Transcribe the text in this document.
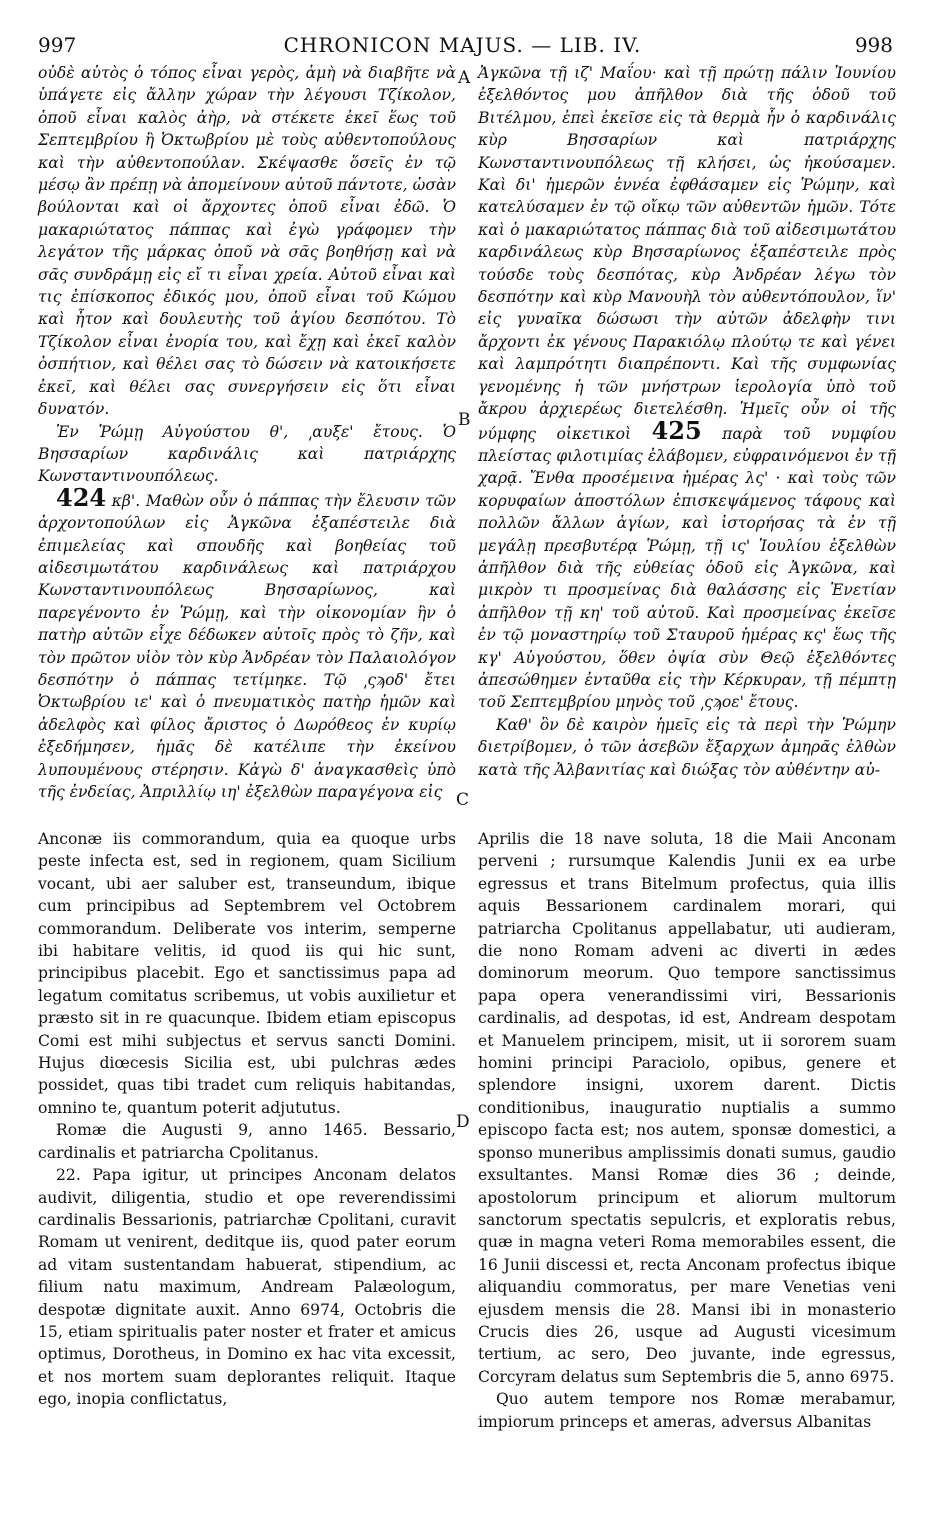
997	CHRONICON MAJUS. — LIB. IV.	998

οὐδὲ αὐτὸς ὁ τόπος εἶναι γερὸς, ἀμὴ νὰ διαβῆτε νὰ ὑπάγετε εἰς ἄλλην χώραν τὴν λέγουσι Τζίκολον, ὁποῦ εἶναι καλὸς ἀὴρ, νὰ στέκετε ἐκεῖ ἕως τοῦ Σεπτεμβρίου ἢ Ὀκτωβρίου μὲ τοὺς αὐθεντοπούλους καὶ τὴν αὐθεντοπούλαν. Σκέψασθε ὅσεῖς ἐν τῷ μέσῳ ἂν πρέπῃ νὰ ἀπομείνουν αὐτοῦ πάντοτε, ὡσὰν βούλονται καὶ οἱ ἄρχοντες ὁποῦ εἶναι ἐδῶ. Ὁ μακαριώτατος πάππας καὶ ἐγὼ γράφομεν τὴν λεγάτον τῆς μάρκας ὁποῦ νὰ σᾶς βοηθήσῃ καὶ νὰ σᾶς συνδράμῃ εἰς εἴ τι εἶναι χρεία. Αὐτοῦ εἶναι καὶ τις ἐπίσκοπος ἐδικός μου, ὁποῦ εἶναι τοῦ Κώμου καὶ ἦτον καὶ δουλευτὴς τοῦ ἁγίου δεσπότου. Τὸ Τζίκολον εἶναι ἐνορία του, καὶ ἔχῃ καὶ ἐκεῖ καλὸν ὁσπήτιον, καὶ θέλει σας τὸ δώσειν νὰ κατοικήσετε ἐκεῖ, καὶ θέλει σας συνεργήσειν εἰς ὅτι εἶναι δυνατόν.

Ἐν Ῥώμῃ Αὐγούστου θ', ͵αυξε' ἔτους. Ὁ Βησσαρίων καρδινάλις καὶ πατριάρχης Κωνσταντινουπόλεως.

424 κβ'. Μαθὼν οὖν ὁ πάππας τὴν ἔλευσιν τῶν ἀρχοντοπούλων εἰς Ἀγκῶνα ἐξαπέστειλε διὰ ἐπιμελείας καὶ σπουδῆς καὶ βοηθείας τοῦ αἰδεσιμωτάτου καρδινάλεως καὶ πατριάρχου Κωνσταντινουπόλεως Βησσαρίωνος, καὶ παρεγένοντο ἐν Ῥώμῃ, καὶ τὴν οἰκονομίαν ἣν ὁ πατὴρ αὐτῶν εἶχε δέδωκεν αὐτοῖς πρὸς τὸ ζῆν, καὶ τὸν πρῶτον υἱὸν τὸν κὺρ Ἀνδρέαν τὸν Παλαιολόγον δεσπότην ὁ πάππας τετίμηκε. Τῷ ͵ςϡοδ' ἔτει Ὀκτωβρίου ιε' καὶ ὁ πνευματικὸς πατὴρ ἡμῶν καὶ ἀδελφὸς καὶ φίλος ἄριστος ὁ Δωρόθεος ἐν κυρίῳ ἐξεδήμησεν, ἡμᾶς δὲ κατέλιπε τὴν ἐκείνου λυπουμένους στέρησιν. Κἀγὼ δ' ἀναγκασθεὶς ὑπὸ τῆς ἐνδείας, Ἀπριλλίῳ ιη' ἐξελθὼν παραγέγονα εἰς

Ἀγκῶνα τῇ ιζ' Μαΐου· καὶ τῇ πρώτῃ πάλιν Ἰουνίου ἐξελθόντος μου ἀπῆλθον διὰ τῆς ὁδοῦ τοῦ Βιτέλμου, ἐπεὶ ἐκεῖσε εἰς τὰ θερμὰ ἦν ὁ καρδινάλις κὺρ Βησσαρίων καὶ πατριάρχης Κωνσταντινουπόλεως τῇ κλήσει, ὡς ἠκούσαμεν. Καὶ δι' ἡμερῶν ἐννέα ἐφθάσαμεν εἰς Ῥώμην, καὶ κατελύσαμεν ἐν τῷ οἴκῳ τῶν αὐθεντῶν ἡμῶν. Τότε καὶ ὁ μακαριώτατος πάππας διὰ τοῦ αἰδεσιμωτάτου καρδινάλεως κὺρ Βησσαρίωνος ἐξαπέστειλε πρὸς τούσδε τοὺς δεσπότας, κὺρ Ἀνδρέαν λέγω τὸν δεσπότην καὶ κὺρ Μανουὴλ τὸν αὐθεντόπουλον, ἵν' εἰς γυναῖκα δώσωσι τὴν αὐτῶν ἀδελφὴν τινι ἄρχοντι ἐκ γένους Παρακιόλῳ πλούτῳ τε καὶ γένει καὶ λαμπρότητι διαπρέποντι. Καὶ τῆς συμφωνίας γενομένης ἡ τῶν μνήστρων ἱερολογία ὑπὸ τοῦ ἄκρου ἀρχιερέως διετελέσθη. Ἡμεῖς οὖν οἱ τῆς νύμφης οἰκετικοὶ 425 παρὰ τοῦ νυμφίου πλείστας φιλοτιμίας ἐλάβομεν, εὐφραινόμενοι ἐν τῇ χαρᾷ. Ἔνθα προσέμεινα ἡμέρας λς' · καὶ τοὺς τῶν κορυφαίων ἀποστόλων ἐπισκεψάμενος τάφους καὶ πολλῶν ἄλλων ἁγίων, καὶ ἱστορήσας τὰ ἐν τῇ μεγάλῃ πρεσβυτέρᾳ Ῥώμῃ, τῇ ις' Ἰουλίου ἐξελθὼν ἀπῆλθον διὰ τῆς εὐθείας ὁδοῦ εἰς Ἀγκῶνα, καὶ μικρὸν τι προσμείνας διὰ θαλάσσης εἰς Ἐνετίαν ἀπῆλθον τῇ κη' τοῦ αὐτοῦ. Καὶ προσμείνας ἐκεῖσε ἐν τῷ μοναστηρίῳ τοῦ Σταυροῦ ἡμέρας κς' ἕως τῆς κγ' Αὐγούστου, ὅθεν ὀψία σὺν Θεῷ ἐξελθόντες ἀπεσώθημεν ἐνταῦθα εἰς τὴν Κέρκυραν, τῇ πέμπτῃ τοῦ Σεπτεμβρίου μηνὸς τοῦ ͵ςϡοε' ἔτους.

Καθ' ὃν δὲ καιρὸν ἡμεῖς εἰς τὰ περὶ τὴν Ῥώμην διετρίβομεν, ὁ τῶν ἀσεβῶν ἔξαρχων ἀμηρᾶς ἐλθὼν κατὰ τῆς Ἀλβανιτίας καὶ διώξας τὸν αὐθέντην αὐ-

Anconæ iis commorandum, quia ea quoque urbs peste infecta est, sed in regionem, quam Sicilium vocant, ubi aer saluber est, transeundum, ibique cum principibus ad Septembrem vel Octobrem commorandum. Deliberate vos interim, semperne ibi habitare velitis, id quod iis qui hic sunt, principibus placebit. Ego et sanctissimus papa ad legatum comitatus scribemus, ut vobis auxilietur et præsto sit in re quacunque. Ibidem etiam episcopus Comi est mihi subjectus et servus sancti Domini. Hujus diœcesis Sicilia est, ubi pulchras ædes possidet, quas tibi tradet cum reliquis habitandas, omnino te, quantum poterit adjututus.

Romæ die Augusti 9, anno 1465. Bessario, cardinalis et patriarcha Cpolitanus.

22. Papa igitur, ut principes Anconam delatos audivit, diligentia, studio et ope reverendissimi cardinalis Bessarionis, patriarchæ Cpolitani, curavit Romam ut venirent, deditque iis, quod pater eorum ad vitam sustentandam habuerat, stipendium, ac filium natu maximum, Andream Palæologum, despotæ dignitate auxit. Anno 6974, Octobris die 15, etiam spiritualis pater noster et frater et amicus optimus, Dorotheus, in Domino ex hac vita excessit, et nos mortem suam deplorantes reliquit. Itaque ego, inopia conflictatus,

Aprilis die 18 nave soluta, 18 die Maii Anconam perveni ; rursumque Kalendis Junii ex ea urbe egressus et trans Bitelmum profectus, quia illis aquis Bessarionem cardinalem morari, qui patriarcha Cpolitanus appellabatur, uti audieram, die nono Romam adveni ac diverti in ædes dominorum meorum. Quo tempore sanctissimus papa opera venerandissimi viri, Bessarionis cardinalis, ad despotas, id est, Andream despotam et Manuelem principem, misit, ut ii sororem suam homini principi Paraciolo, opibus, genere et splendore insigni, uxorem darent. Dictis conditionibus, inauguratio nuptialis a summo episcopo facta est; nos autem, sponsæ domestici, a sponso muneribus amplissimis donati sumus, gaudio exsultantes. Mansi Romæ dies 36 ; deinde, apostolorum principum et aliorum multorum sanctorum spectatis sepulcris, et exploratis rebus, quæ in magna veteri Roma memorabiles essent, die 16 Junii discessi et, recta Anconam profectus ibique aliquandiu commoratus, per mare Venetias veni ejusdem mensis die 28. Mansi ibi in monasterio Crucis dies 26, usque ad Augusti vicesimum tertium, ac sero, Deo juvante, inde egressus, Corcyram delatus sum Septembris die 5, anno 6975.

Quo autem tempore nos Romæ merabamur, impiorum princeps et ameras, adversus Albanitas

A
B
C
D
